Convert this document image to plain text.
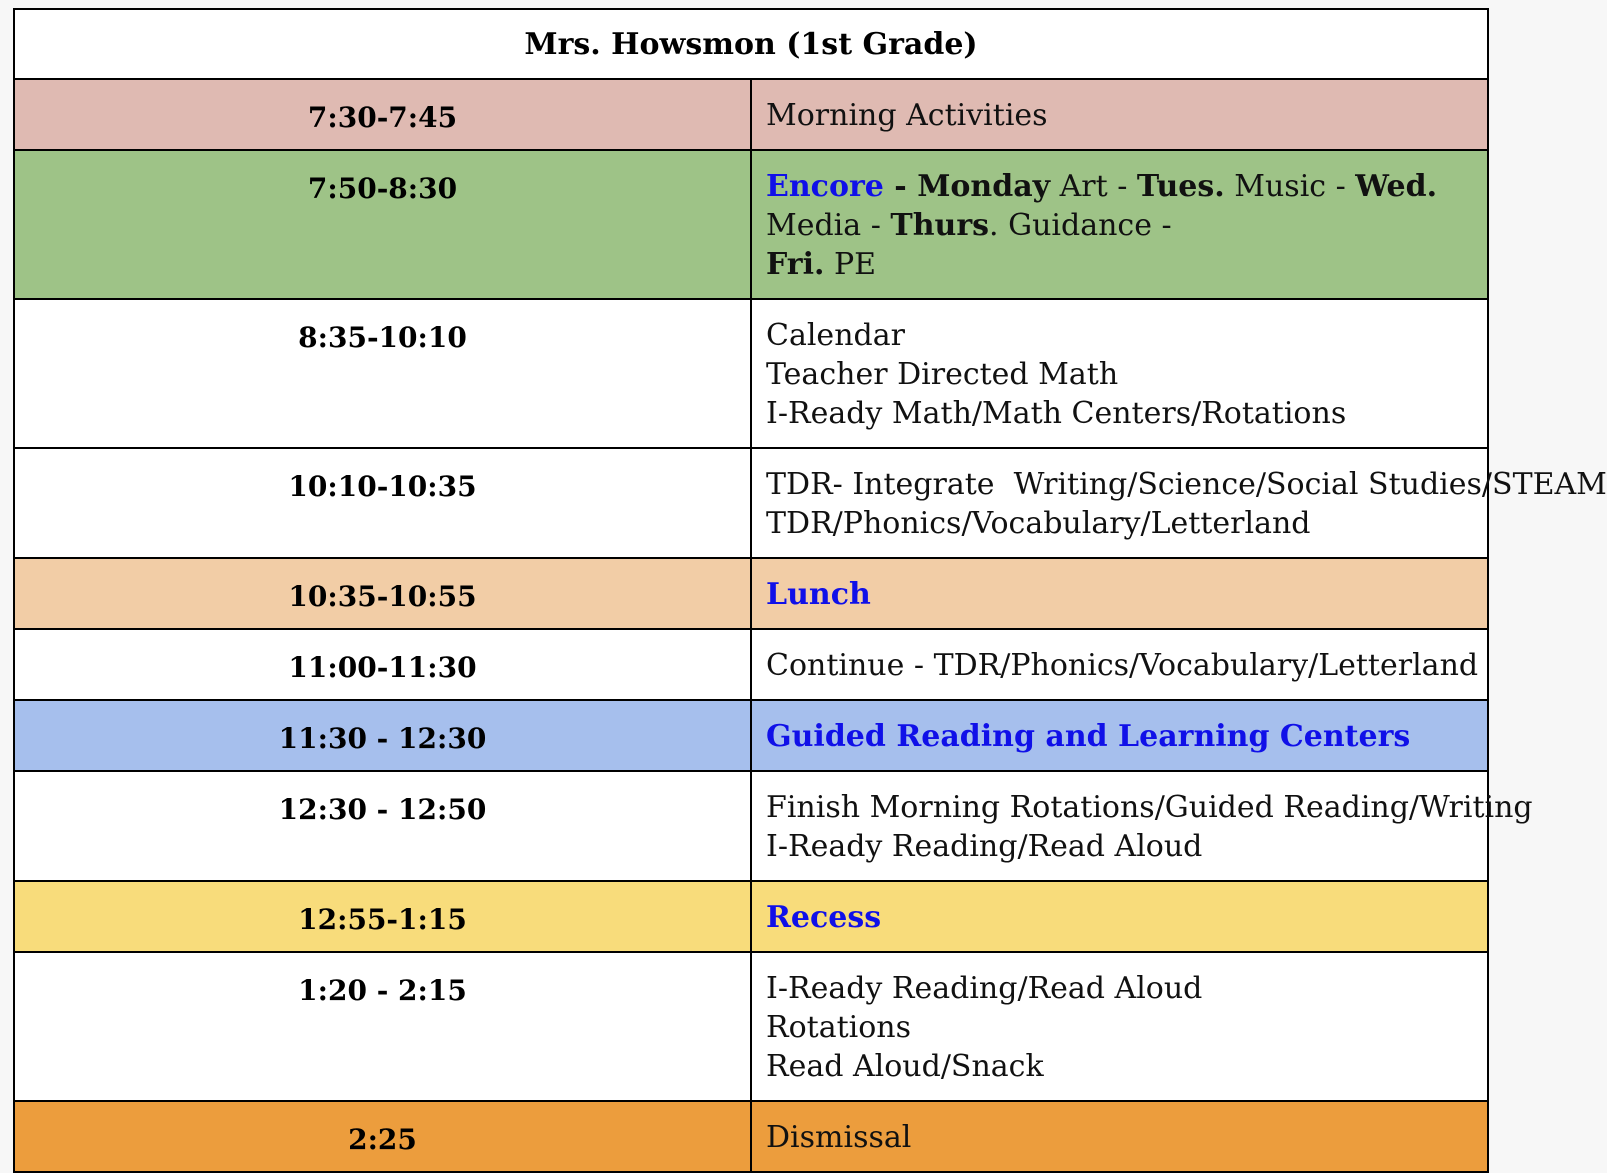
Mrs. Howsmon (1st Grade)	
7:30-7:45	Morning Activities

7:50-8:30	Encore - Monday Art - Tues. Music - Wed. Media - Thurs. Guidance -
Fri. PE
8:35-10:10	Calendar
Teacher Directed Math
I-Ready Math/Math Centers/Rotations

10:10-10:35	TDR- Integrate  Writing/Science/Social Studies/STEAM
TDR/Phonics/Vocabulary/Letterland

10:35-10:55	Lunch

11:00-11:30	Continue - TDR/Phonics/Vocabulary/Letterland

11:30 - 12:30	Guided Reading and Learning Centers

12:30 - 12:50	Finish Morning Rotations/Guided Reading/Writing
I-Ready Reading/Read Aloud

12:55-1:15	Recess

1:20 - 2:15	I-Ready Reading/Read Aloud
Rotations
Read Aloud/Snack

2:25	Dismissal
